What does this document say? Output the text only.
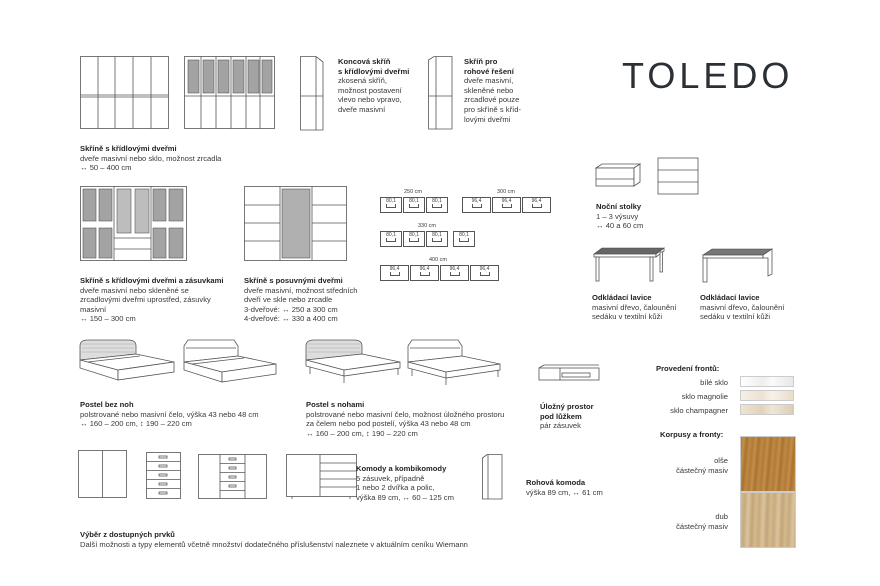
TOLEDO
Koncová skříň
s křídlovými dveřmi
zkosená skříň,
možnost postavení
vlevo nebo vpravo,
dveře masivní
Skříň pro
rohové řešení
dveře masivní,
skleněné nebo
zrcadlové pouze
pro skříně s kříd-
lovými dveřmi
Skříně s křídlovými dveřmi
dveře masivní nebo sklo, možnost zrcadla
↔ 50 – 400 cm
Skříně s křídlovými dveřmi a zásuvkami
dveře masivní nebo skleněné se
zrcadlovými dveřmi uprostřed, zásuvky
masivní
↔ 150 – 300 cm
Skříně s posuvnými dveřmi
dveře masivní, možnost středních
dveří ve skle nebo zrcadle
3-dveřové: ↔ 250 a 300 cm
4-dveřové: ↔ 330 a 400 cm
250 cm
80,1	80,1	80,1
300 cm
96,4	96,4	96,4
330 cm
80,1	80,1	80,1	80,1
400 cm
96,4	96,4	96,4	96,4
Noční stolky
1 – 3 výsuvy
↔ 40 a 60 cm
Odkládací lavice
masivní dřevo, čalounění
sedáku v textilní kůži
Odkládací lavice
masivní dřevo, čalounění
sedáku v textilní kůži
Postel bez noh
polstrované nebo masivní čelo, výška 43 nebo 48 cm
↔ 160 – 200 cm, ↕ 190 – 220 cm
Postel s nohami
polstrované nebo masivní čelo, možnost úložného prostoru
za čelem nebo pod postelí, výška 43 nebo 48 cm
↔ 160 – 200 cm, ↕ 190 – 220 cm
Úložný prostor
pod lůžkem
pár zásuvek
Provedení frontů:
bílé sklo
sklo magnolie
sklo champagner
Korpusy a fronty:
olše
částečný masiv
dub
částečný masiv
Komody a kombikomody
5 zásuvek, případně
1 nebo 2 dvířka a polic,
výška 89 cm, ↔ 60 – 125 cm
Rohová komoda
výška 89 cm, ↔ 61 cm
Výběr z dostupných prvků
Další možnosti a typy elementů včetně množství dodatečného příslušenství naleznete v aktuálním ceníku Wiemann
